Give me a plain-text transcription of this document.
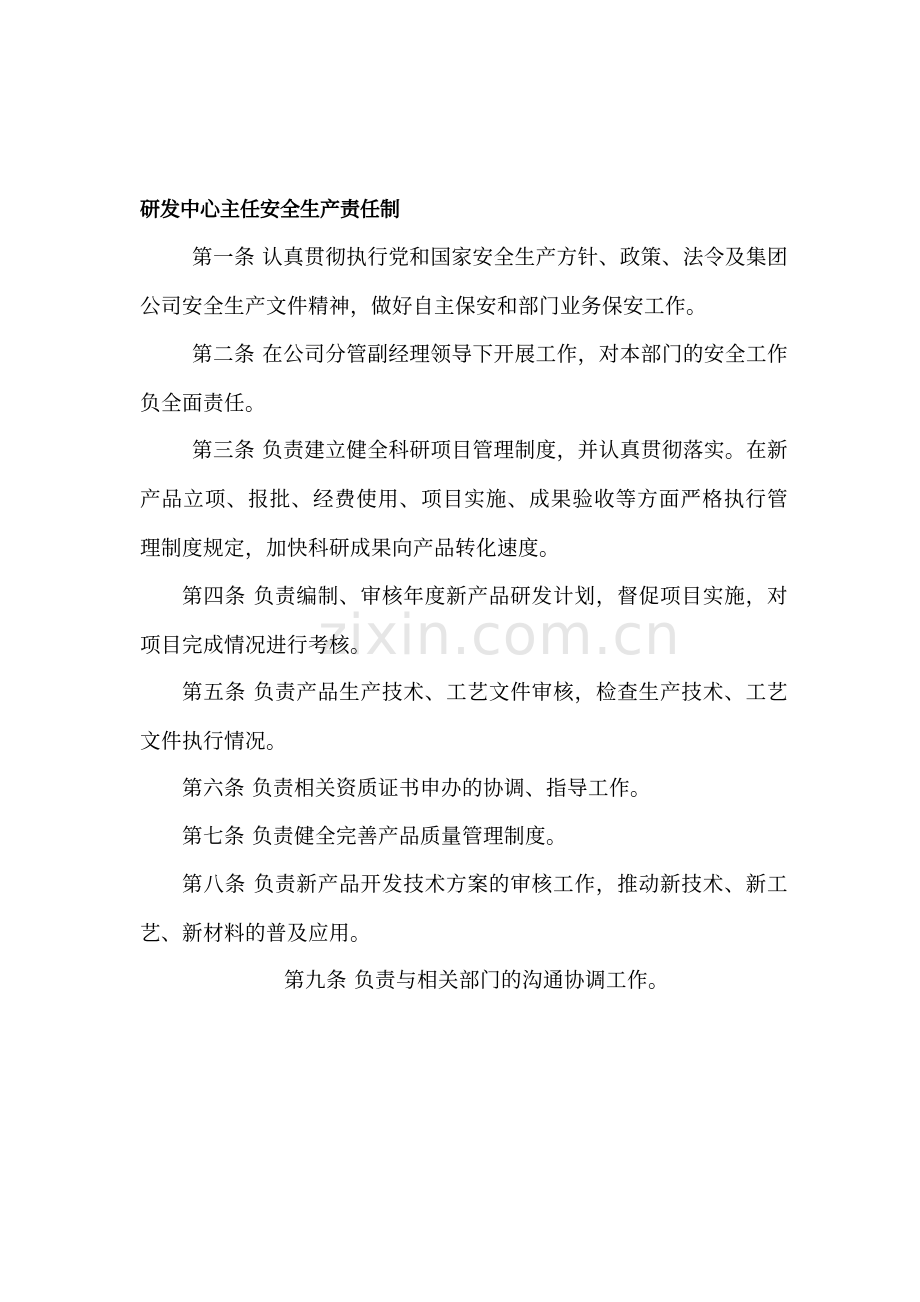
zixin.com.cn
研发中心主任安全生产责任制

第一条 认真贯彻执行党和国家安全生产方针、政策、法令及集团公司安全生产文件精神，做好自主保安和部门业务保安工作。

第二条 在公司分管副经理领导下开展工作，对本部门的安全工作负全面责任。

第三条 负责建立健全科研项目管理制度，并认真贯彻落实。在新产品立项、报批、经费使用、项目实施、成果验收等方面严格执行管理制度规定，加快科研成果向产品转化速度。

第四条 负责编制、审核年度新产品研发计划，督促项目实施，对项目完成情况进行考核。

第五条 负责产品生产技术、工艺文件审核，检查生产技术、工艺文件执行情况。

第六条 负责相关资质证书申办的协调、指导工作。

第七条 负责健全完善产品质量管理制度。

第八条 负责新产品开发技术方案的审核工作，推动新技术、新工艺、新材料的普及应用。

第九条 负责与相关部门的沟通协调工作。
